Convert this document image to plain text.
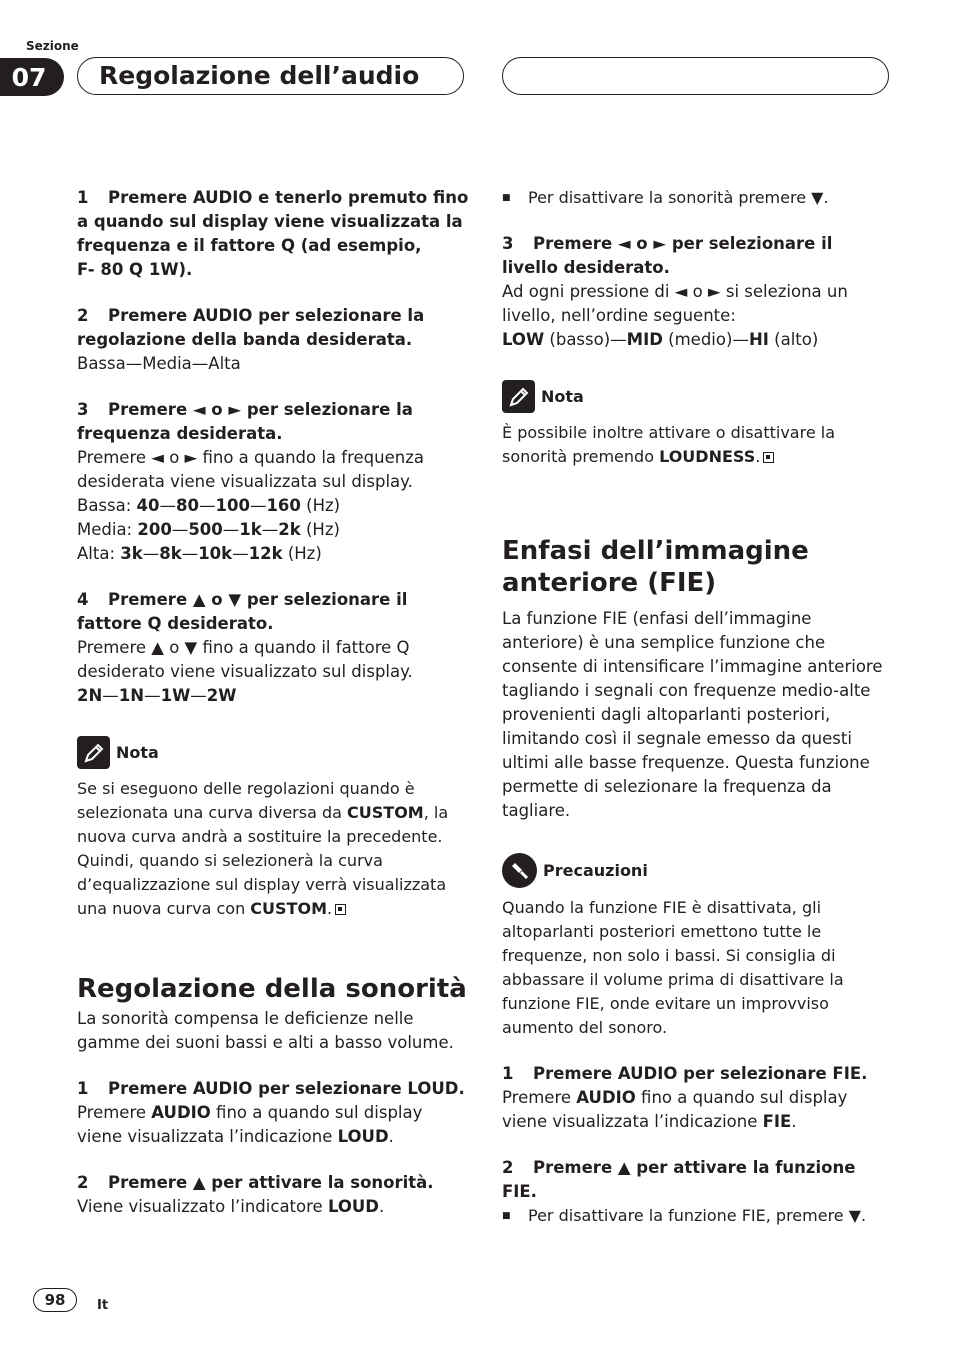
Sezione
07	Regolazione dell’audio
1 Premere AUDIO e tenerlo premuto fino a quando sul display viene visualizzata la frequenza e il fattore Q (ad esempio,
F- 80 Q 1W).
2 Premere AUDIO per selezionare la regolazione della banda desiderata.
Bassa—Media—Alta
3 Premere ◄ o ► per selezionare la frequenza desiderata.
Premere ◄ o ► fino a quando la frequenza desiderata viene visualizzata sul display.
Bassa: 40—80—100—160 (Hz)
Media: 200—500—1k—2k (Hz)
Alta: 3k—8k—10k—12k (Hz)
4 Premere ▲ o ▼ per selezionare il fattore Q desiderato.
Premere ▲ o ▼ fino a quando il fattore Q desiderato viene visualizzato sul display.
2N—1N—1W—2W
Nota
Se si eseguono delle regolazioni quando è selezionata una curva diversa da CUSTOM, la nuova curva andrà a sostituire la precedente. Quindi, quando si selezionerà la curva d’equalizzazione sul display verrà visualizzata una nuova curva con CUSTOM.
Regolazione della sonorità
La sonorità compensa le deficienze nelle gamme dei suoni bassi e alti a basso volume.
1 Premere AUDIO per selezionare LOUD.
Premere AUDIO fino a quando sul display viene visualizzata l’indicazione LOUD.
2 Premere ▲ per attivare la sonorità.
Viene visualizzato l’indicatore LOUD.
■ Per disattivare la sonorità premere ▼.
3 Premere ◄ o ► per selezionare il livello desiderato.
Ad ogni pressione di ◄ o ► si seleziona un livello, nell’ordine seguente:
LOW (basso)—MID (medio)—HI (alto)
Nota
È possibile inoltre attivare o disattivare la sonorità premendo LOUDNESS.
Enfasi dell’immagine anteriore (FIE)
La funzione FIE (enfasi dell’immagine anteriore) è una semplice funzione che consente di intensificare l’immagine anteriore tagliando i segnali con frequenze medio-alte provenienti dagli altoparlanti posteriori, limitando così il segnale emesso da questi ultimi alle basse frequenze. Questa funzione permette di selezionare la frequenza da tagliare.
Precauzioni
Quando la funzione FIE è disattivata, gli altoparlanti posteriori emettono tutte le frequenze, non solo i bassi. Si consiglia di abbassare il volume prima di disattivare la funzione FIE, onde evitare un improvviso aumento del sonoro.
1 Premere AUDIO per selezionare FIE.
Premere AUDIO fino a quando sul display viene visualizzata l’indicazione FIE.
2 Premere ▲ per attivare la funzione FIE.
■ Per disattivare la funzione FIE, premere ▼.
98	It
